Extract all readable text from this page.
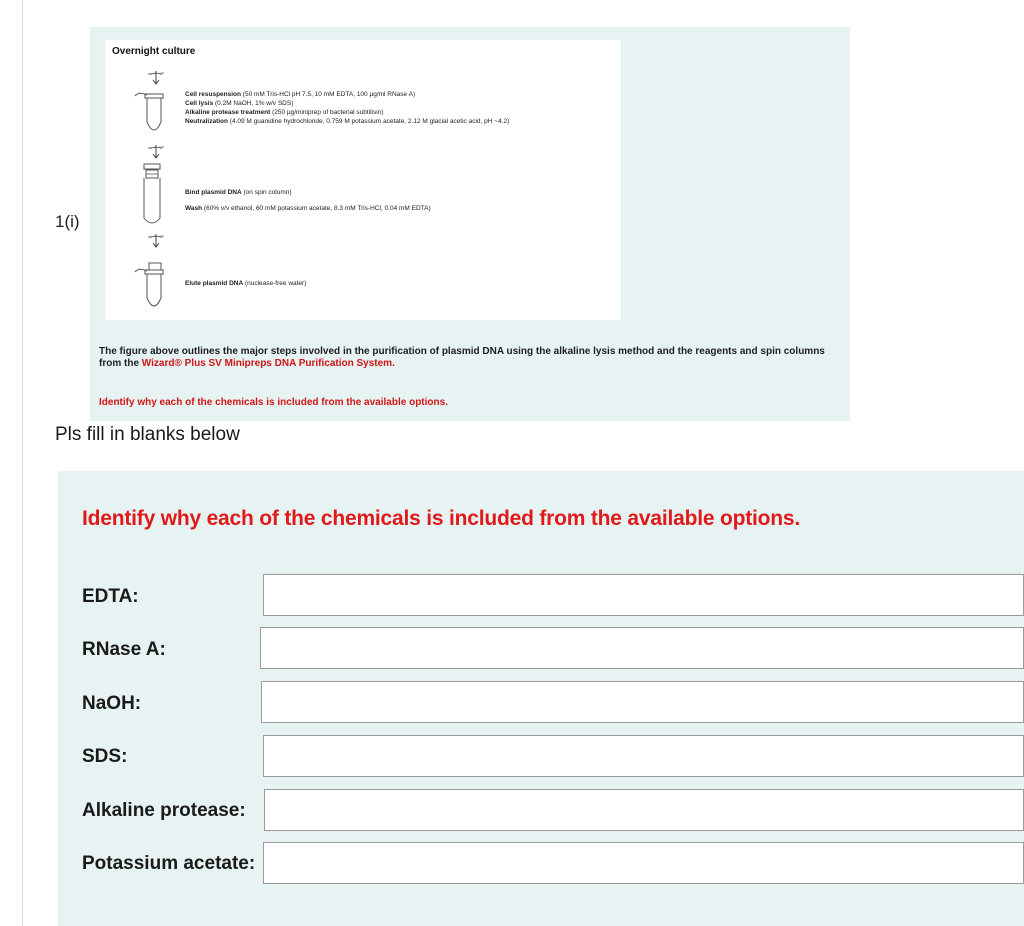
1(i)
Overnight culture
Cell resuspension (50 mM Tris-HCl pH 7.5, 10 mM EDTA, 100 µg/ml RNase A)
Cell lysis (0.2M NaOH, 1% w/v SDS)
Alkaline protease treatment (250 µg/miniprep of bacterial subtilisin)
Neutralization (4.09 M guanidine hydrochloride, 0.759 M potassium acetate, 2.12 M glacial acetic acid, pH ~4.2)
Bind plasmid DNA (on spin column)
Wash (60% v/v ethanol, 60 mM potassium acetate, 8.3 mM Tris-HCl, 0.04 mM EDTA)
Elute plasmid DNA (nuclease-free water)
The figure above outlines the major steps involved in the purification of plasmid DNA using the alkaline lysis method and the reagents and spin columns from the Wizard® Plus SV Minipreps DNA Purification System.
Identify why each of the chemicals is included from the available options.
Pls fill in blanks below
Identify why each of the chemicals is included from the available options.
EDTA:
RNase A:
NaOH:
SDS:
Alkaline protease:
Potassium acetate:
